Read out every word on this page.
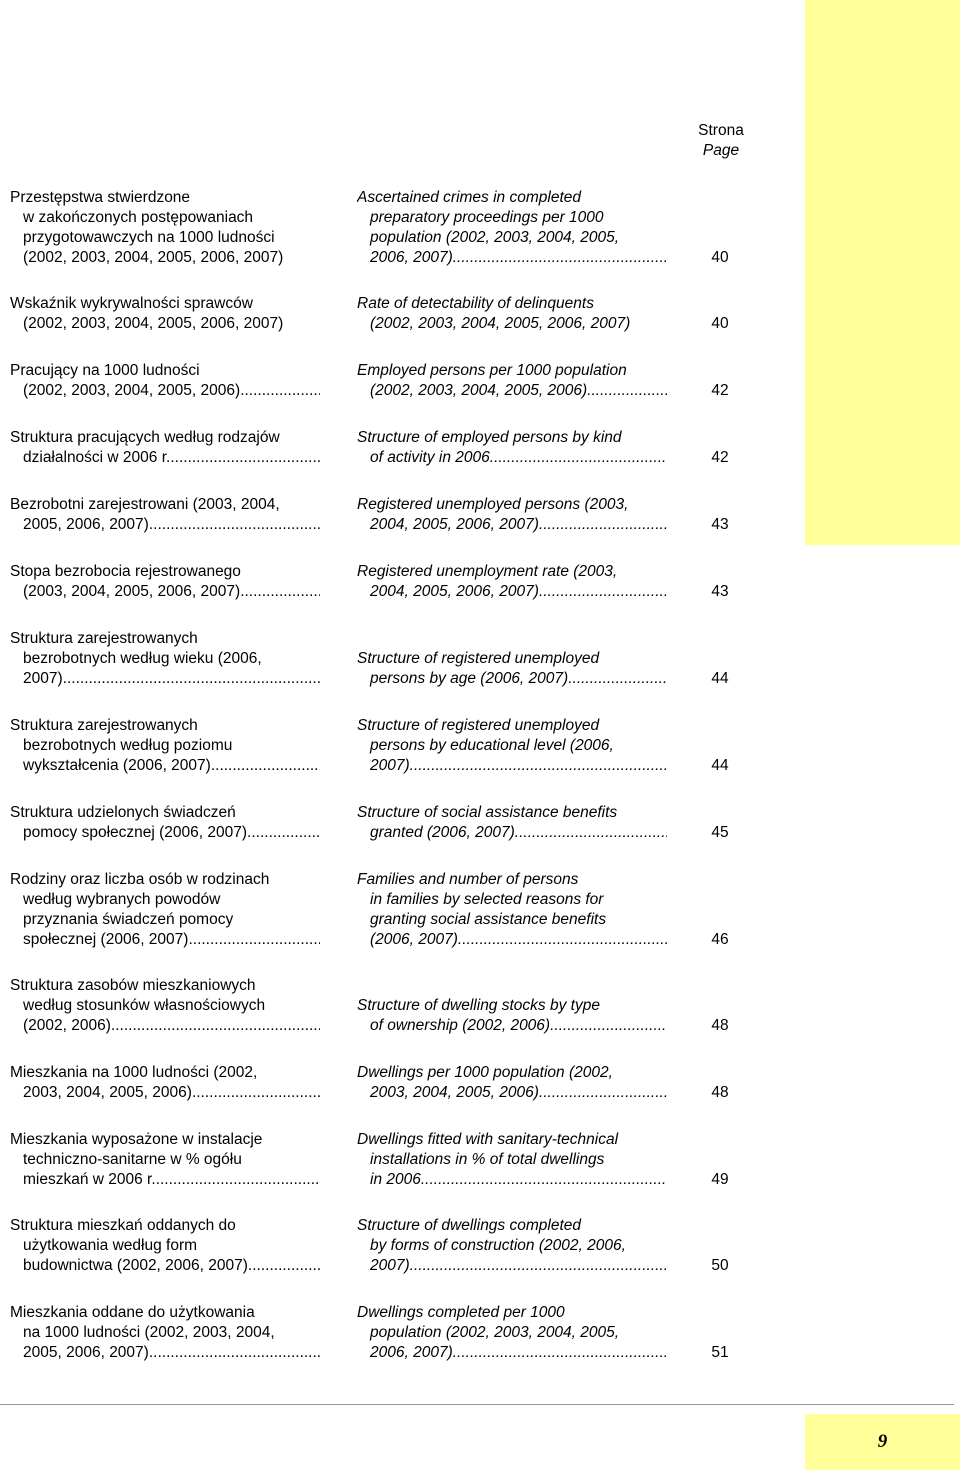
Strona
Page
Przestępstwa stwierdzone
w zakończonych postępowaniach
przygotowawczych na 1000 ludności
(2002, 2003, 2004, 2005, 2006, 2007)
Ascertained crimes in completed
preparatory proceedings per 1000
population (2002, 2003, 2004, 2005,
2006, 2007) .....	40
Wskaźnik wykrywalności sprawców
(2002, 2003, 2004, 2005, 2006, 2007)
Rate of detectability of delinquents
(2002, 2003, 2004, 2005, 2006, 2007)	40
Pracujący na 1000 ludności
(2002, 2003, 2004, 2005, 2006) .....
Employed persons per 1000 population
(2002, 2003, 2004, 2005, 2006) .....	42
Struktura pracujących według rodzajów
działalności w 2006 r. .....
Structure of employed persons by kind
of activity in 2006 .....	42
Bezrobotni zarejestrowani (2003, 2004,
2005, 2006, 2007) .....
Registered unemployed persons (2003,
2004, 2005, 2006, 2007) .....	43
Stopa bezrobocia rejestrowanego
(2003, 2004, 2005, 2006, 2007) .....
Registered unemployment rate (2003,
2004, 2005, 2006, 2007) .....	43
Struktura zarejestrowanych
bezrobotnych według wieku (2006,
2007) .....

Structure of registered unemployed
persons by age (2006, 2007) .....	44
Struktura zarejestrowanych
bezrobotnych według poziomu
wykształcenia (2006, 2007) .....
Structure of registered unemployed
persons by educational level (2006,
2007) .....	44
Struktura udzielonych świadczeń
pomocy społecznej (2006, 2007) .....
Structure of social assistance benefits
granted (2006, 2007) .....	45
Rodziny oraz liczba osób w rodzinach
według wybranych powodów
przyznania świadczeń pomocy
społecznej (2006, 2007) .....
Families and number of persons
in families by selected reasons for
granting social assistance benefits
(2006, 2007) .....	46
Struktura zasobów mieszkaniowych
według stosunków własnościowych
(2002, 2006) .....

Structure of dwelling stocks by type
of ownership (2002, 2006) .....	48
Mieszkania na 1000 ludności (2002,
2003, 2004, 2005, 2006) .....
Dwellings per 1000 population (2002,
2003, 2004, 2005, 2006) .....	48
Mieszkania wyposażone w instalacje
techniczno-sanitarne w % ogółu
mieszkań w 2006 r. .....
Dwellings fitted with sanitary-technical
installations in % of total dwellings
in 2006 .....	49
Struktura mieszkań oddanych do
użytkowania według form
budownictwa (2002, 2006, 2007) .....
Structure of dwellings completed
by forms of construction (2002, 2006,
2007) .....	50
Mieszkania oddane do użytkowania
na 1000 ludności (2002, 2003, 2004,
2005, 2006, 2007) .....
Dwellings completed per 1000
population (2002, 2003, 2004, 2005,
2006, 2007) .....	51
9
